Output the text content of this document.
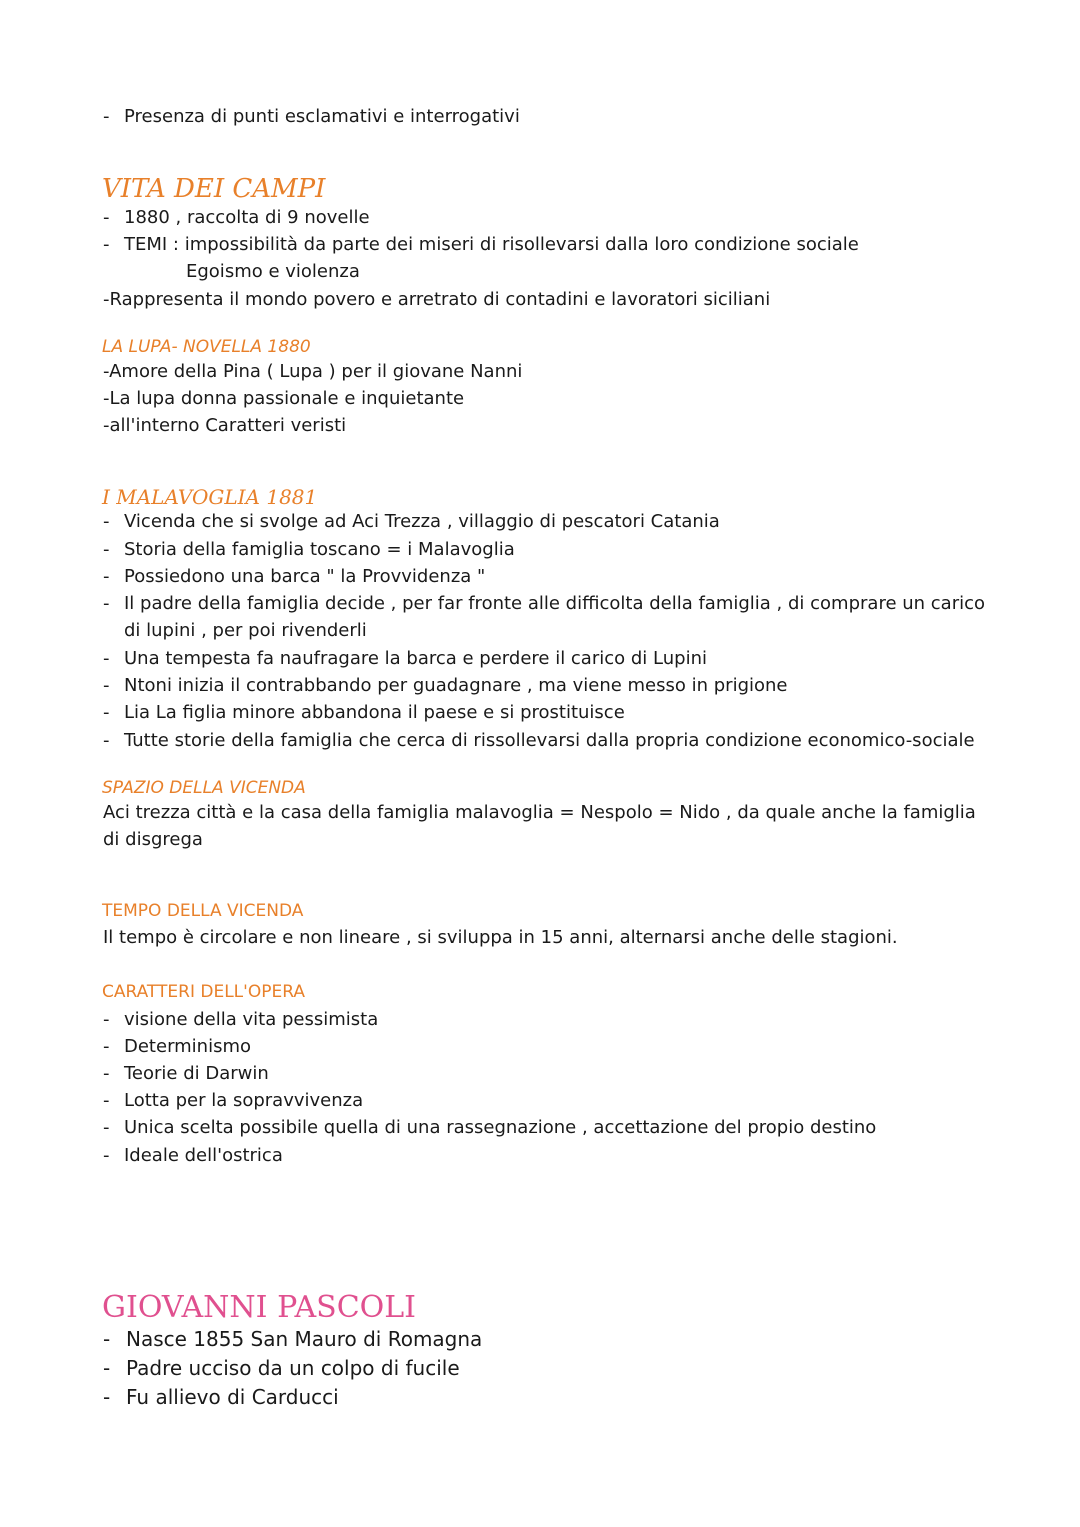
- Presenza di punti esclamativi e interrogativi
VITA DEI CAMPI
- 1880 , raccolta di 9 novelle
- TEMI : impossibilità da parte dei miseri di risollevarsi dalla loro condizione sociale
Egoismo e violenza
-Rappresenta il mondo povero e arretrato di contadini e lavoratori siciliani
LA LUPA- NOVELLA 1880
-Amore della Pina ( Lupa ) per il giovane Nanni
-La lupa donna passionale e inquietante
-all'interno Caratteri veristi
I MALAVOGLIA 1881
- Vicenda che si svolge ad Aci Trezza , villaggio di pescatori Catania
- Storia della famiglia toscano = i Malavoglia
- Possiedono una barca " la Provvidenza "
- Il padre della famiglia decide , per far fronte alle difficolta della famiglia , di comprare un carico
di lupini , per poi rivenderli
- Una tempesta fa naufragare la barca e perdere il carico di Lupini
- Ntoni inizia il contrabbando per guadagnare , ma viene messo in prigione
- Lia La figlia minore abbandona il paese e si prostituisce
- Tutte storie della famiglia che cerca di rissollevarsi dalla propria condizione economico-sociale
SPAZIO DELLA VICENDA
Aci trezza città e la casa della famiglia malavoglia = Nespolo = Nido , da quale anche la famiglia
di disgrega
TEMPO DELLA VICENDA
Il tempo è circolare e non lineare , si sviluppa in 15 anni, alternarsi anche delle stagioni.
CARATTERI DELL'OPERA
- visione della vita pessimista
- Determinismo
- Teorie di Darwin
- Lotta per la sopravvivenza
- Unica scelta possibile quella di una rassegnazione , accettazione del propio destino
- Ideale dell'ostrica
GIOVANNI PASCOLI
- Nasce 1855 San Mauro di Romagna
- Padre ucciso da un colpo di fucile
- Fu allievo di Carducci
